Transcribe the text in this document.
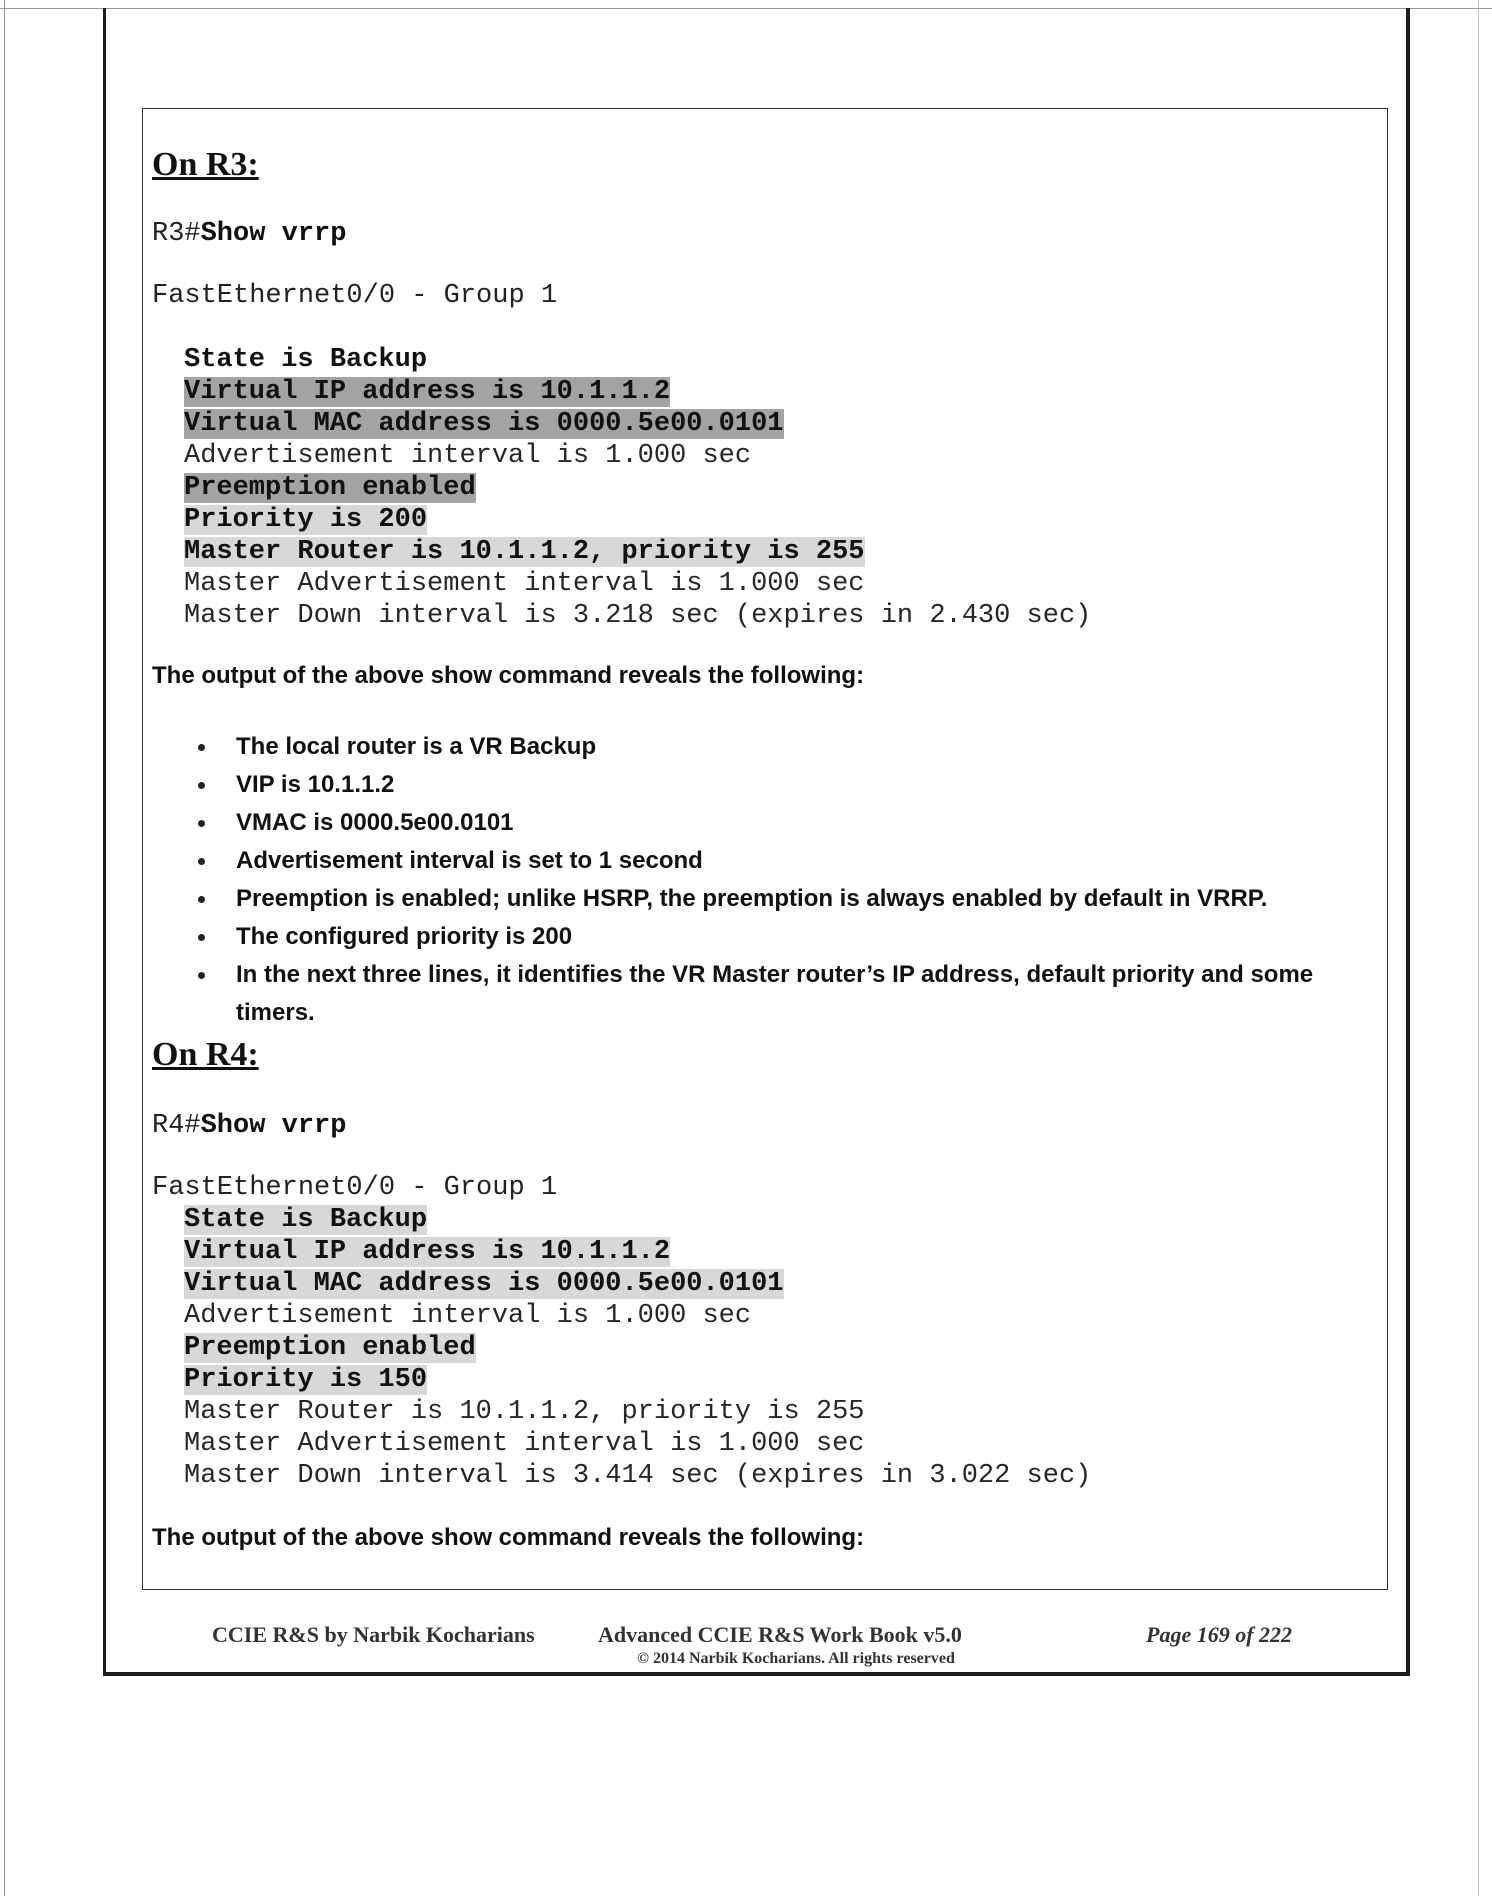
On R3:
R3#Show vrrp
FastEthernet0/0 - Group 1
State is Backup
Virtual IP address is 10.1.1.2
Virtual MAC address is 0000.5e00.0101
Advertisement interval is 1.000 sec
Preemption enabled
Priority is 200
Master Router is 10.1.1.2, priority is 255
Master Advertisement interval is 1.000 sec
Master Down interval is 3.218 sec (expires in 2.430 sec)
The output of the above show command reveals the following:
The local router is a VR Backup
VIP is 10.1.1.2
VMAC is 0000.5e00.0101
Advertisement interval is set to 1 second
Preemption is enabled; unlike HSRP, the preemption is always enabled by default in VRRP.
The configured priority is 200
In the next three lines, it identifies the VR Master router’s IP address, default priority and some timers.
On R4:
R4#Show vrrp
FastEthernet0/0 - Group 1
State is Backup
Virtual IP address is 10.1.1.2
Virtual MAC address is 0000.5e00.0101
Advertisement interval is 1.000 sec
Preemption enabled
Priority is 150
Master Router is 10.1.1.2, priority is 255
Master Advertisement interval is 1.000 sec
Master Down interval is 3.414 sec (expires in 3.022 sec)
The output of the above show command reveals the following:
CCIE R&S by Narbik Kocharians	Advanced CCIE R&S Work Book v5.0
© 2014 Narbik Kocharians. All rights reserved
Page 169 of 222
